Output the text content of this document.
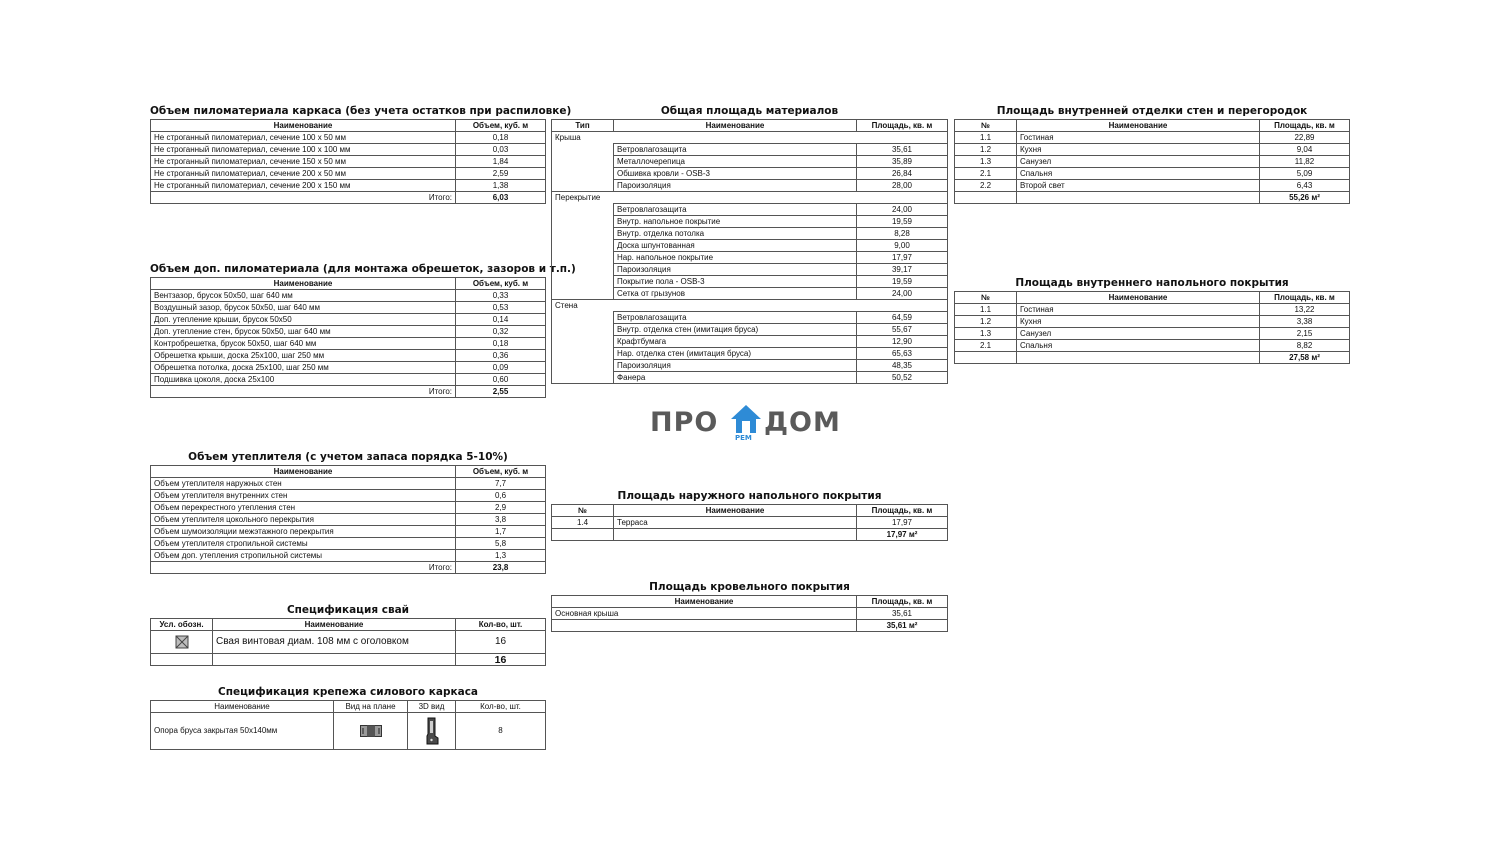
Объем пиломатериала каркаса (без учета остатков при распиловке)
Наименование	Объем, куб. м
Не строганный пиломатериал, сечение 100 х 50 мм	0,18
Не строганный пиломатериал, сечение 100 х 100 мм	0,03
Не строганный пиломатериал, сечение 150 х 50 мм	1,84
Не строганный пиломатериал, сечение 200 х 50 мм	2,59
Не строганный пиломатериал, сечение 200 х 150 мм	1,38
Итого:	6,03
Объем доп. пиломатериала (для монтажа обрешеток, зазоров и т.п.)
Наименование	Объем, куб. м
Вентзазор, брусок 50х50, шаг 640 мм	0,33
Воздушный зазор, брусок 50х50, шаг 640 мм	0,53
Доп. утепление крыши, брусок 50х50	0,14
Доп. утепление стен, брусок 50х50, шаг 640 мм	0,32
Контробрешетка, брусок 50х50, шаг 640 мм	0,18
Обрешетка крыши, доска 25х100, шаг 250 мм	0,36
Обрешетка потолка, доска 25х100, шаг 250 мм	0,09
Подшивка цоколя, доска 25х100	0,60
Итого:	2,55
Объем утеплителя (с учетом запаса порядка 5-10%)
Наименование	Объем, куб. м
Объем утеплителя наружных стен	7,7
Объем утеплителя внутренних стен	0,6
Объем перекрестного утепления стен	2,9
Объем утеплителя цокольного перекрытия	3,8
Объем шумоизоляции межэтажного перекрытия	1,7
Объем утеплителя стропильной системы	5,8
Объем доп. утепления стропильной системы	1,3
Итого:	23,8
Спецификация свай
Усл. обозн.	Наименование	Кол-во, шт.

	Свая винтовая диам. 108 мм с оголовком	16
		16
Спецификация крепежа силового каркаса
Наименование	Вид на плане	3D вид	Кол-во, шт.
Опора бруса закрытая 50х140мм			8
Общая площадь материалов
Тип	Наименование	Площадь, кв. м
Крыша		
	Ветровлагозащита	35,61
	Металлочерепица	35,89
	Обшивка кровли - OSB-3	26,84
	Пароизоляция	28,00
Перекрытие		
	Ветровлагозащита	24,00
	Внутр. напольное покрытие	19,59
	Внутр. отделка потолка	8,28
	Доска шпунтованная	9,00
	Нар. напольное покрытие	17,97
	Пароизоляция	39,17
	Покрытие пола - OSB-3	19,59
	Сетка от грызунов	24,00
Стена		
	Ветровлагозащита	64,59
	Внутр. отделка стен (имитация бруса)	55,67
	Крафтбумага	12,90
	Нар. отделка стен (имитация бруса)	65,63
	Пароизоляция	48,35
	Фанера	50,52
ПРО РЕМ ДОМ
Площадь наружного напольного покрытия
№	Наименование	Площадь, кв. м
1.4	Терраса	17,97
		17,97 м²
Площадь кровельного покрытия
Наименование	Площадь, кв. м
Основная крыша	35,61
	35,61 м²
Площадь внутренней отделки стен и перегородок
№	Наименование	Площадь, кв. м
1.1	Гостиная	22,89
1.2	Кухня	9,04
1.3	Санузел	11,82
2.1	Спальня	5,09
2.2	Второй свет	6,43
		55,26 м²
Площадь внутреннего напольного покрытия
№	Наименование	Площадь, кв. м
1.1	Гостиная	13,22
1.2	Кухня	3,38
1.3	Санузел	2,15
2.1	Спальня	8,82
		27,58 м²
